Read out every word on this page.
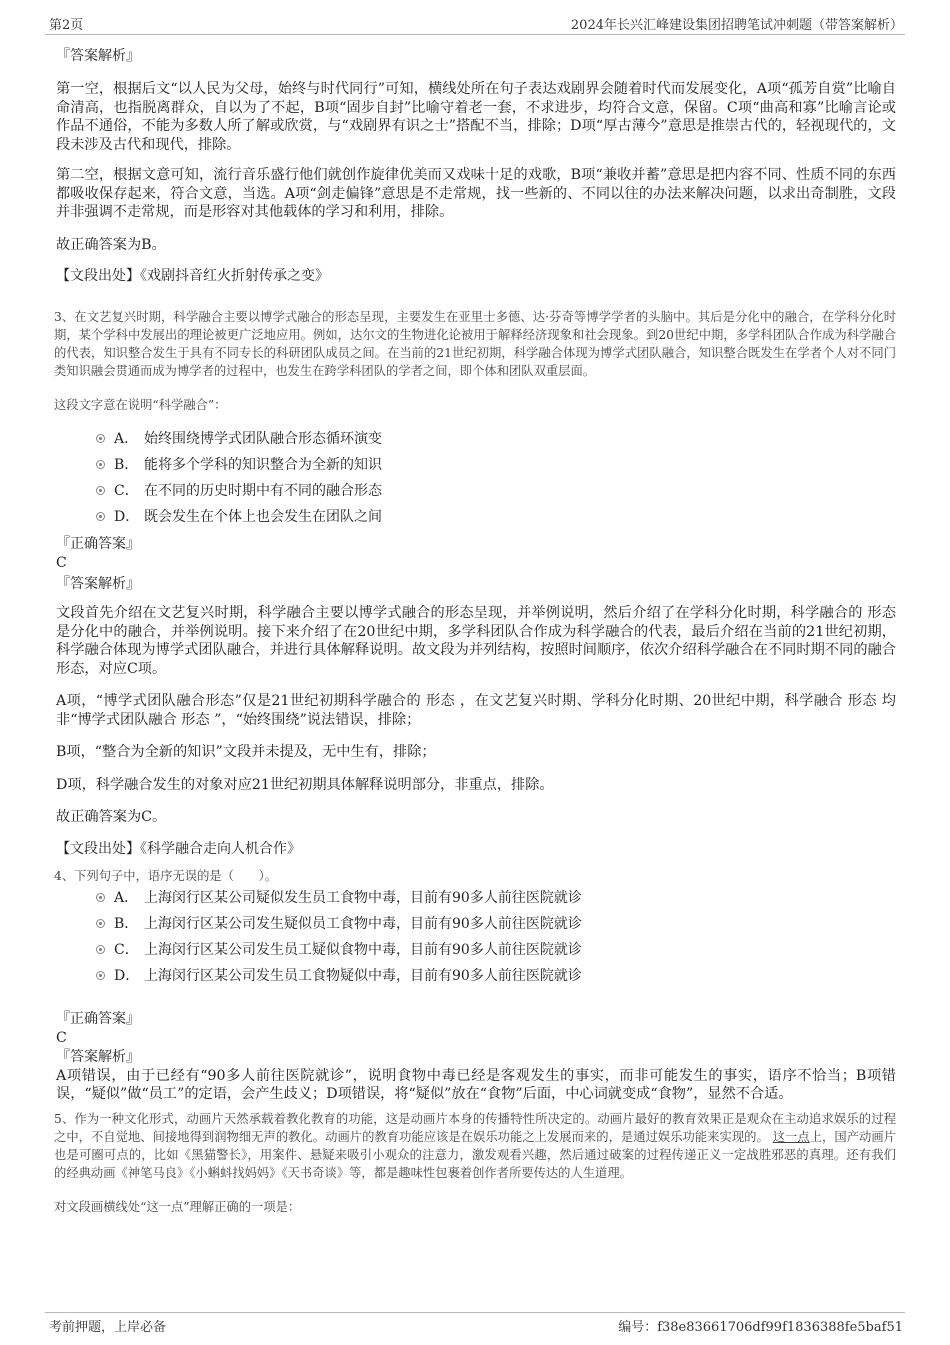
第2页	2024年长兴汇峰建设集团招聘笔试冲刺题（带答案解析）

『答案解析』

第一空，根据后文“以人民为父母，始终与时代同行”可知，横线处所在句子表达戏剧界会随着时代而发展变化，A项“孤芳自赏”比喻自命清高，也指脱离群众，自以为了不起，B项“固步自封”比喻守着老一套，不求进步，均符合文意，保留。C项“曲高和寡”比喻言论或作品不通俗，不能为多数人所了解或欣赏，与“戏剧界有识之士”搭配不当，排除；D项“厚古薄今”意思是推崇古代的，轻视现代的，文段未涉及古代和现代，排除。

第二空，根据文意可知，流行音乐盛行他们就创作旋律优美而又戏味十足的戏歌，B项“兼收并蓄”意思是把内容不同、性质不同的东西都吸收保存起来，符合文意，当选。A项“剑走偏锋”意思是不走常规，找一些新的、不同以往的办法来解决问题，以求出奇制胜，文段并非强调不走常规，而是形容对其他载体的学习和利用，排除。

故正确答案为B。

【文段出处】《戏剧抖音红火折射传承之变》

3、在文艺复兴时期，科学融合主要以博学式融合的形态呈现，主要发生在亚里士多德、达·芬奇等博学学者的头脑中。其后是分化中的融合，在学科分化时期，某个学科中发展出的理论被更广泛地应用。例如，达尔文的生物进化论被用于解释经济现象和社会现象。到20世纪中期，多学科团队合作成为科学融合的代表，知识整合发生于具有不同专长的科研团队成员之间。在当前的21世纪初期，科学融合体现为博学式团队融合，知识整合既发生在学者个人对不同门类知识融会贯通而成为博学者的过程中，也发生在跨学科团队的学者之间，即个体和团队双重层面。

这段文字意在说明“科学融合”：

A． 始终围绕博学式团队融合形态循环演变
B． 能将多个学科的知识整合为全新的知识
C． 在不同的历史时期中有不同的融合形态
D． 既会发生在个体上也会发生在团队之间

『正确答案』

C

『答案解析』

文段首先介绍在文艺复兴时期，科学融合主要以博学式融合的形态呈现，并举例说明，然后介绍了在学科分化时期，科学融合的 形态 是分化中的融合，并举例说明。接下来介绍了在20世纪中期，多学科团队合作成为科学融合的代表，最后介绍在当前的21世纪初期，科学融合体现为博学式团队融合，并进行具体解释说明。故文段为并列结构，按照时间顺序，依次介绍科学融合在不同时期不同的融合形态，对应C项。

A项，“博学式团队融合形态”仅是21世纪初期科学融合的 形态 ，在文艺复兴时期、学科分化时期、20世纪中期，科学融合 形态 均非“博学式团队融合 形态 ”，“始终围绕”说法错误，排除；

B项，“整合为全新的知识”文段并未提及，无中生有，排除；

D项，科学融合发生的对象对应21世纪初期具体解释说明部分，非重点，排除。

故正确答案为C。

【文段出处】《科学融合走向人机合作》

4、下列句子中，语序无误的是（　　）。

A． 上海闵行区某公司疑似发生员工食物中毒，目前有90多人前往医院就诊
B． 上海闵行区某公司发生疑似员工食物中毒，目前有90多人前往医院就诊
C． 上海闵行区某公司发生员工疑似食物中毒，目前有90多人前往医院就诊
D． 上海闵行区某公司发生员工食物疑似中毒，目前有90多人前往医院就诊

『正确答案』

C

『答案解析』

A项错误，由于已经有“90多人前往医院就诊”，说明食物中毒已经是客观发生的事实，而非可能发生的事实，语序不恰当；B项错误，“疑似”做“员工”的定语，会产生歧义；D项错误，将“疑似”放在“食物”后面，中心词就变成“食物”，显然不合适。

5、作为一种文化形式，动画片天然承载着教化教育的功能，这是动画片本身的传播特性所决定的。动画片最好的教育效果正是观众在主动追求娱乐的过程之中，不自觉地、间接地得到润物细无声的教化。动画片的教育功能应该是在娱乐功能之上发展而来的，是通过娱乐功能来实现的。 这一点上，国产动画片也是可圈可点的，比如《黑猫警长》，用案件、悬疑来吸引小观众的注意力，激发观看兴趣，然后通过破案的过程传递正义一定战胜邪恶的真理。还有我们的经典动画《神笔马良》《小蝌蚪找妈妈》《天书奇谈》等，都是趣味性包裹着创作者所要传达的人生道理。

对文段画横线处“这一点”理解正确的一项是：

考前押题，上岸必备	编号：f38e83661706df99f1836388fe5baf51
